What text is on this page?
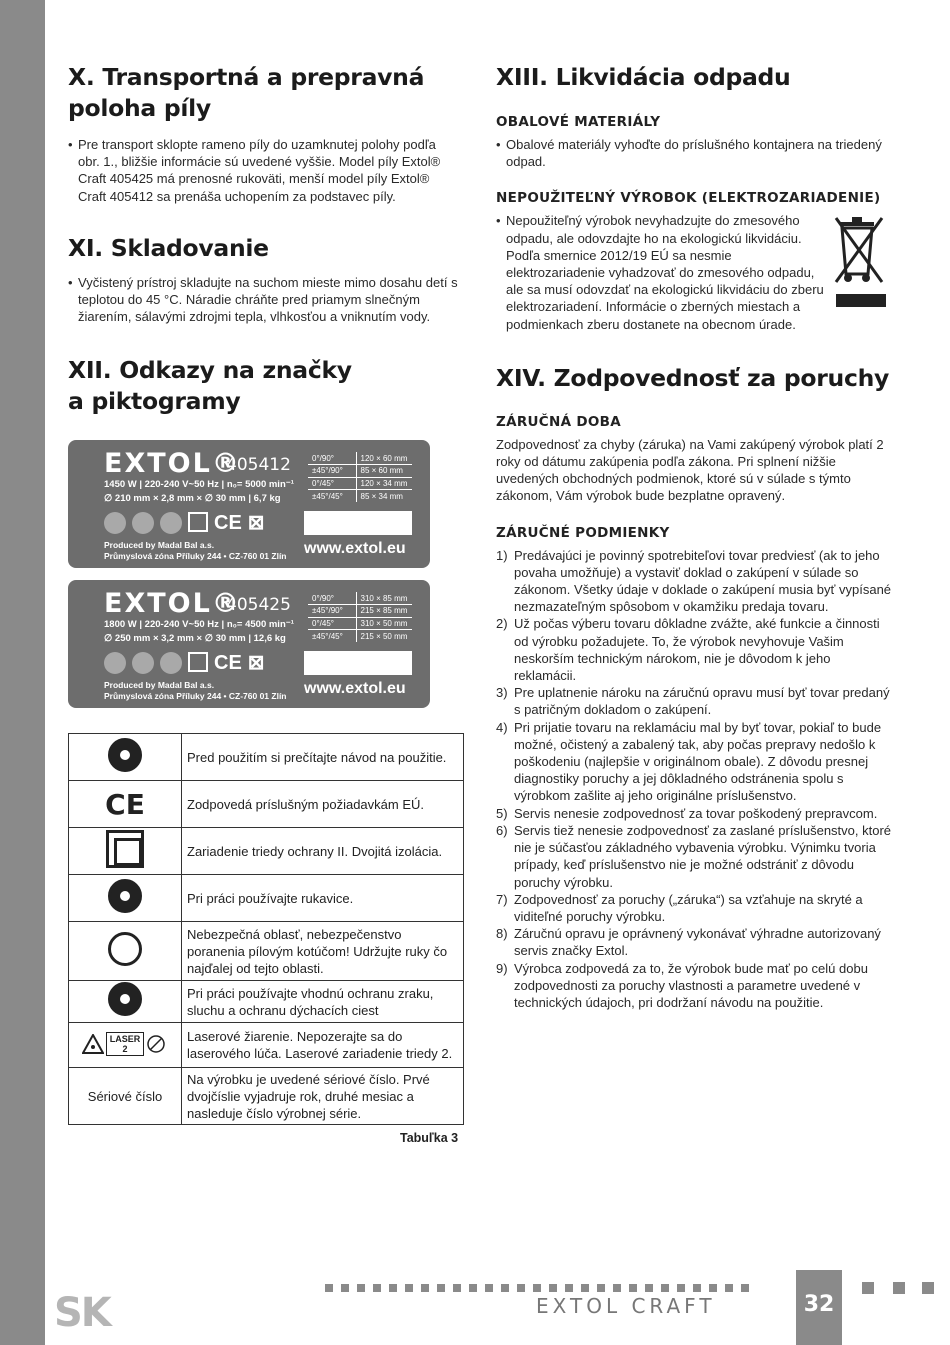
SK
X. Transportná a prepravná
poloha píly
• Pre transport sklopte rameno píly do uzamknutej polohy podľa obr. 1., bližšie informácie sú uvedené vyššie. Model píly Extol® Craft 405425 má prenosné rukoväti, menší model píly Extol® Craft 405412 sa prenáša uchopením za podstavec píly.
XI. Skladovanie
• Vyčistený prístroj skladujte na suchom mieste mimo dosahu detí s teplotou do 45 °C. Náradie chráňte pred priamym slnečným žiarením, sálavými zdrojmi tepla, vlhkosťou a vniknutím vody.
XII. Odkazy na značky
a piktogramy
EXTOL®
405412
1450 W | 220-240 V~50 Hz | n₀= 5000 min⁻¹
∅ 210 mm × 2,8 mm × ∅ 30 mm | 6,7 kg
CE ⊠
Produced by Madal Bal a.s.
Průmyslová zóna Příluky 244 • CZ-760 01 Zlín
0°/90°	120 × 60 mm
±45°/90°	85 × 60 mm
0°/45°	120 × 34 mm
±45°/45°	85 × 34 mm
www.extol.eu
EXTOL®
405425
1800 W | 220-240 V~50 Hz | n₀= 4500 min⁻¹
∅ 250 mm × 3,2 mm × ∅ 30 mm | 12,6 kg
CE ⊠
Produced by Madal Bal a.s.
Průmyslová zóna Příluky 244 • CZ-760 01 Zlín
0°/90°	310 × 85 mm
±45°/90°	215 × 85 mm
0°/45°	310 × 50 mm
±45°/45°	215 × 50 mm
www.extol.eu
	Pred použitím si prečítajte návod na použitie.
CE	Zodpovedá príslušným požiadavkám EÚ.
	Zariadenie triedy ochrany II. Dvojitá izolácia.

	Pri práci používajte rukavice.
	Nebezpečná oblasť, nebezpečenstvo poranenia pílovým kotúčom! Udržujte ruky čo najďalej od tejto oblasti.

	Pri práci používajte vhodnú ochranu zraku, sluchu a ochranu dýchacích ciest

LASER
2	Laserové žiarenie. Nepozerajte sa do laserového lúča. Laserové zariadenie triedy 2.
Sériové číslo	Na výrobku je uvedené sériové číslo. Prvé dvojčíslie vyjadruje rok, druhé mesiac a nasleduje číslo výrobnej série.
Tabuľka 3
XIII. Likvidácia odpadu
OBALOVÉ MATERIÁLY
• Obalové materiály vyhoďte do príslušného kontajnera na triedený odpad.
NEPOUŽITEĽNÝ VÝROBOK (ELEKTROZARIADENIE)
• Nepoužiteľný výrobok nevyhadzujte do zmesového odpadu, ale odovzdajte ho na ekologickú likvidáciu. Podľa smernice 2012/19 EÚ sa nesmie elektrozariadenie vyhadzovať do zmesového odpadu, ale sa musí odovzdať na ekologickú likvidáciu do zberu elektrozariadení. Informácie o zberných miestach a podmienkach zberu dostanete na obecnom úrade.
XIV. Zodpovednosť za poruchy
ZÁRUČNÁ DOBA

Zodpovednosť za chyby (záruka) na Vami zakúpený výrobok platí 2 roky od dátumu zakúpenia podľa zákona. Pri splnení nižšie uvedených obchodných podmienok, ktoré sú v súlade s týmto zákonom, Vám výrobok bude bezplatne opravený.

ZÁRUČNÉ PODMIENKY
1) Predávajúci je povinný spotrebiteľovi tovar predviesť (ak to jeho povaha umožňuje) a vystaviť doklad o zakúpení v súlade so zákonom. Všetky údaje v doklade o zakúpení musia byť vypísané nezmazateľným spôsobom v okamžiku predaja tovaru.
2) Už počas výberu tovaru dôkladne zvážte, aké funkcie a činnosti od výrobku požadujete. To, že výrobok nevyhovuje Vašim neskorším technickým nárokom, nie je dôvodom k jeho reklamácii.
3) Pre uplatnenie nároku na záručnú opravu musí byť tovar predaný s patričným dokladom o zakúpení.
4) Pri prijatie tovaru na reklamáciu mal by byť tovar, pokiaľ to bude možné, očistený a zabalený tak, aby počas prepravy nedošlo k poškodeniu (najlepšie v originálnom obale). Z dôvodu presnej diagnostiky poruchy a jej dôkladného odstránenia spolu s výrobkom zašlite aj jeho originálne príslušenstvo.
5) Servis nenesie zodpovednosť za tovar poškodený prepravcom.
6) Servis tiež nenesie zodpovednosť za zaslané príslušenstvo, ktoré nie je súčasťou základného vybavenia výrobku. Výnimku tvoria prípady, keď príslušenstvo nie je možné odstrániť z dôvodu poruchy výrobku.
7) Zodpovednosť za poruchy („záruka“) sa vzťahuje na skryté a viditeľné poruchy výrobku.
8) Záručnú opravu je oprávnený vykonávať výhradne autorizovaný servis značky Extol.
9) Výrobca zodpovedá za to, že výrobok bude mať po celú dobu zodpovednosti za poruchy vlastnosti a parametre uvedené v technických údajoch, pri dodržaní návodu na použitie.
EXTOL CRAFT	32
